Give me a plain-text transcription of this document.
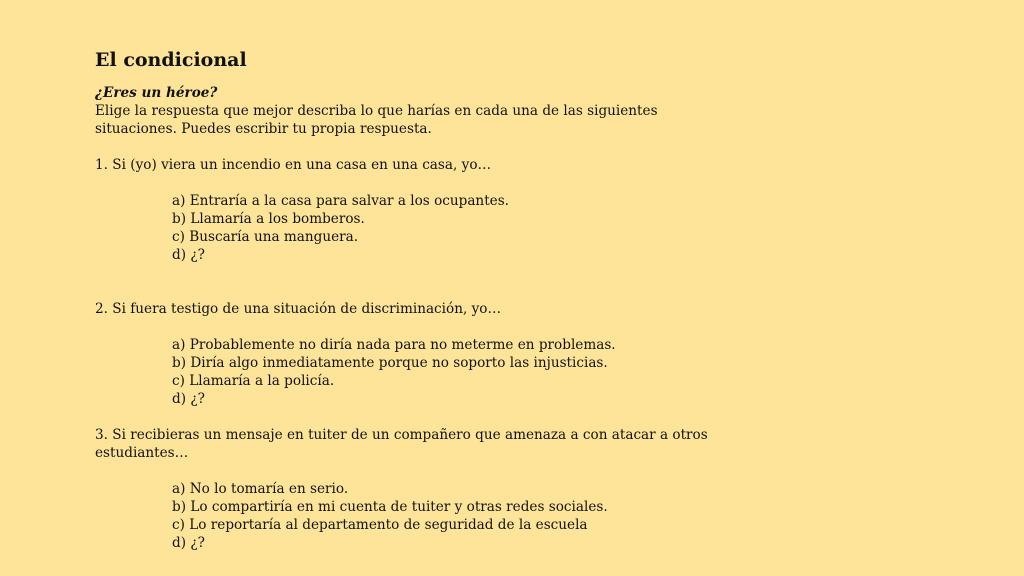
El condicional
¿Eres un héroe?
Elige la respuesta que mejor describa lo que harías en cada una de las siguientes
situaciones. Puedes escribir tu propia respuesta.
1. Si (yo) viera un incendio en una casa en una casa, yo…
a) Entraría a la casa para salvar a los ocupantes.
b) Llamaría a los bomberos.
c) Buscaría una manguera.
d) ¿?
2. Si fuera testigo de una situación de discriminación, yo…
a) Probablemente no diría nada para no meterme en problemas.
b) Diría algo inmediatamente porque no soporto las injusticias.
c) Llamaría a la policía.
d) ¿?
3. Si recibieras un mensaje en tuiter de un compañero que amenaza a con atacar a otros
estudiantes…
a) No lo tomaría en serio.
b) Lo compartiría en mi cuenta de tuiter y otras redes sociales.
c) Lo reportaría al departamento de seguridad de la escuela
d) ¿?
